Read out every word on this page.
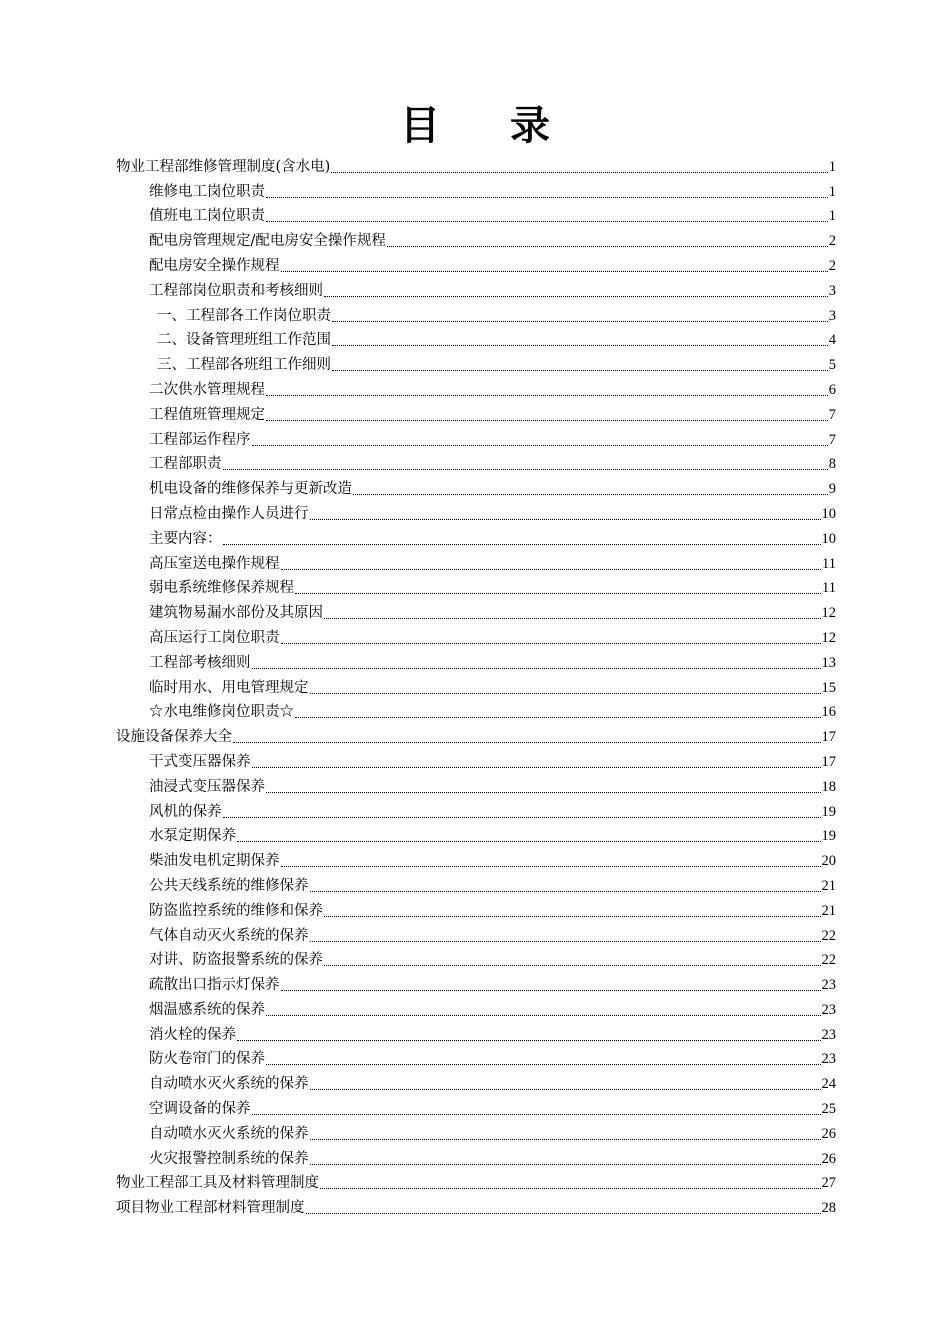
目 录
物业工程部维修管理制度(含水电)	1
维修电工岗位职责	1
值班电工岗位职责	1
配电房管理规定/配电房安全操作规程	2
配电房安全操作规程	2
工程部岗位职责和考核细则	3
一、工程部各工作岗位职责	3
二、设备管理班组工作范围	4
三、工程部各班组工作细则	5
二次供水管理规程	6
工程值班管理规定	7
工程部运作程序	7
工程部职责	8
机电设备的维修保养与更新改造	9
日常点检由操作人员进行	10
主要内容：	10
高压室送电操作规程	11
弱电系统维修保养规程	11
建筑物易漏水部份及其原因	12
高压运行工岗位职责	12
工程部考核细则	13
临时用水、用电管理规定	15
☆水电维修岗位职责☆	16
设施设备保养大全	17
干式变压器保养	17
油浸式变压器保养	18
风机的保养	19
水泵定期保养	19
柴油发电机定期保养	20
公共天线系统的维修保养	21
防盗监控系统的维修和保养	21
气体自动灭火系统的保养	22
对讲、防盗报警系统的保养	22
疏散出口指示灯保养	23
烟温感系统的保养	23
消火栓的保养	23
防火卷帘门的保养	23
自动喷水灭火系统的保养	24
空调设备的保养	25
自动喷水灭火系统的保养	26
火灾报警控制系统的保养	26
物业工程部工具及材料管理制度	27
项目物业工程部材料管理制度	28
